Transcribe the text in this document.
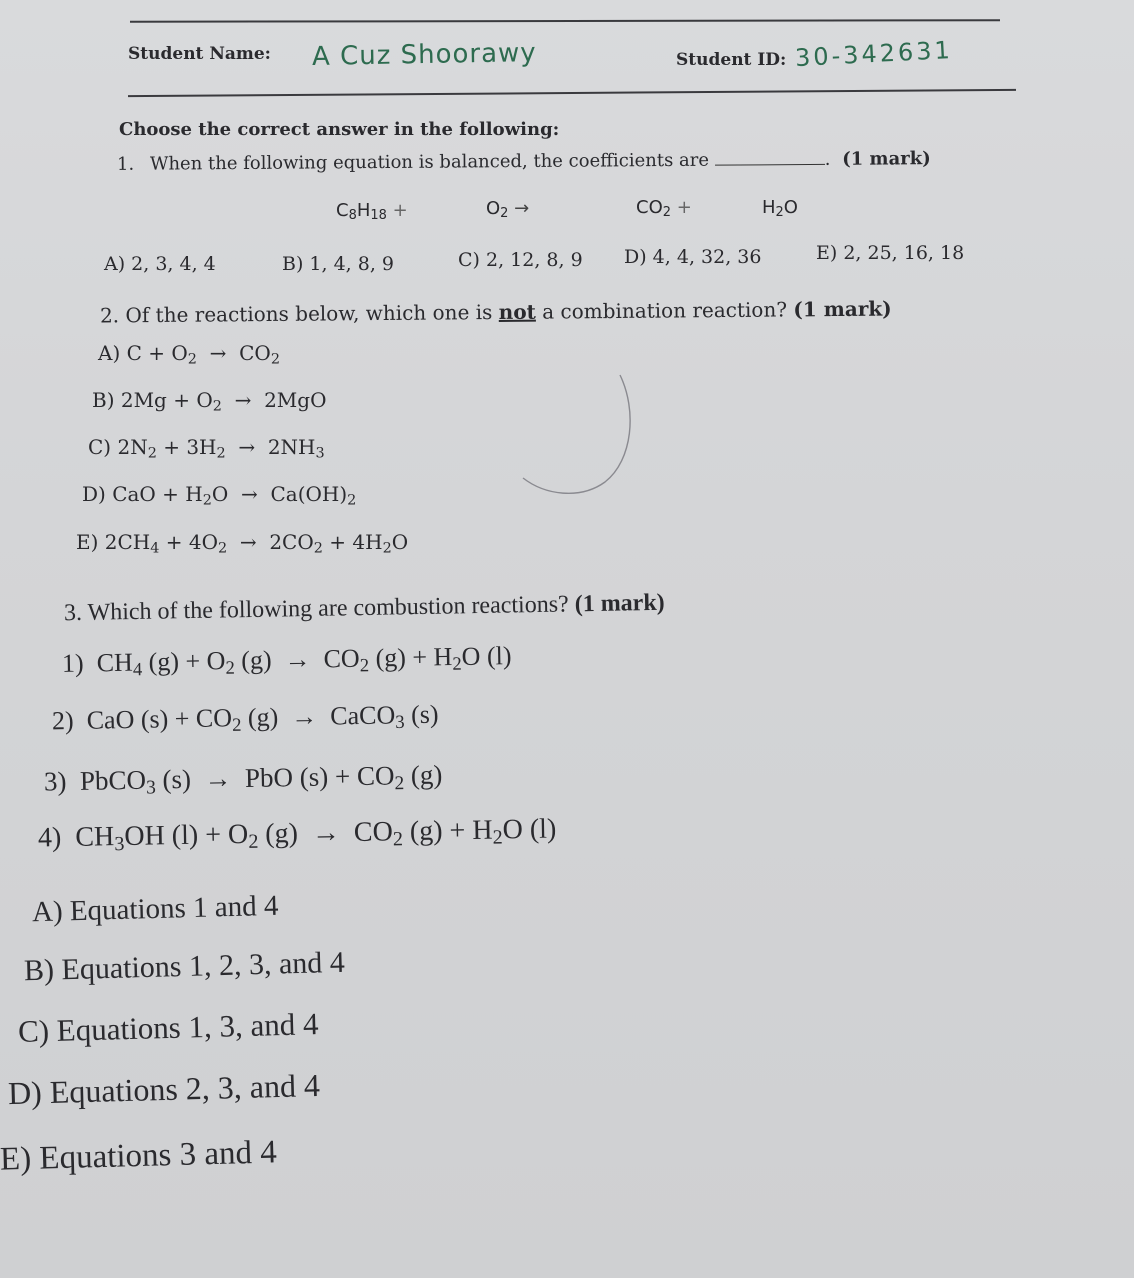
Student Name: A Cuz Shoorawy	Student ID: 30-342631
Choose the correct answer in the following:
1. When the following equation is balanced, the coefficients are	. (1 mark)
$C_8H_{18}$ +	$O_2$ →	$CO_2$ +	$H_2O$
A) 2, 3, 4, 4	B) 1, 4, 8, 9	C) 2, 12, 8, 9 D) 4, 4, 32, 36	E) 2, 25, 16, 18
2. Of the reactions below, which one is not a combination reaction? (1 mark)
A) $C + O_2 \to CO_2$
B) $2Mg + O_2 \to 2MgO$
C) $2N_2 + 3H_2 \to 2NH_3$
D) CaO + $H_2O \to Ca(OH)_2$
E) $2CH_4 + 4O_2 \to 2CO_2 + 4H_2O$
3. Which of the following are combustion reactions? (1 mark)
1)  $CH_4$ $(g) + O_2$ $(g) \to CO_2$ $(g) + H_2O$ (l)
2)  CaO $(s) + CO_2$ (g)  →  CaCO$_3$ (s)
3)  PbCO$_3$ (s)  →  PbO $(s) + CO_2$ (g)
4)  $CH_3OH$ $(l) + O_2$ $(g) \to CO_2$ $(g) + H_2O$ (l)
A) Equations 1 and 4
B) Equations 1, 2, 3, and 4
C) Equations 1, 3, and 4
D) Equations 2, 3, and 4
E) Equations 3 and 4
